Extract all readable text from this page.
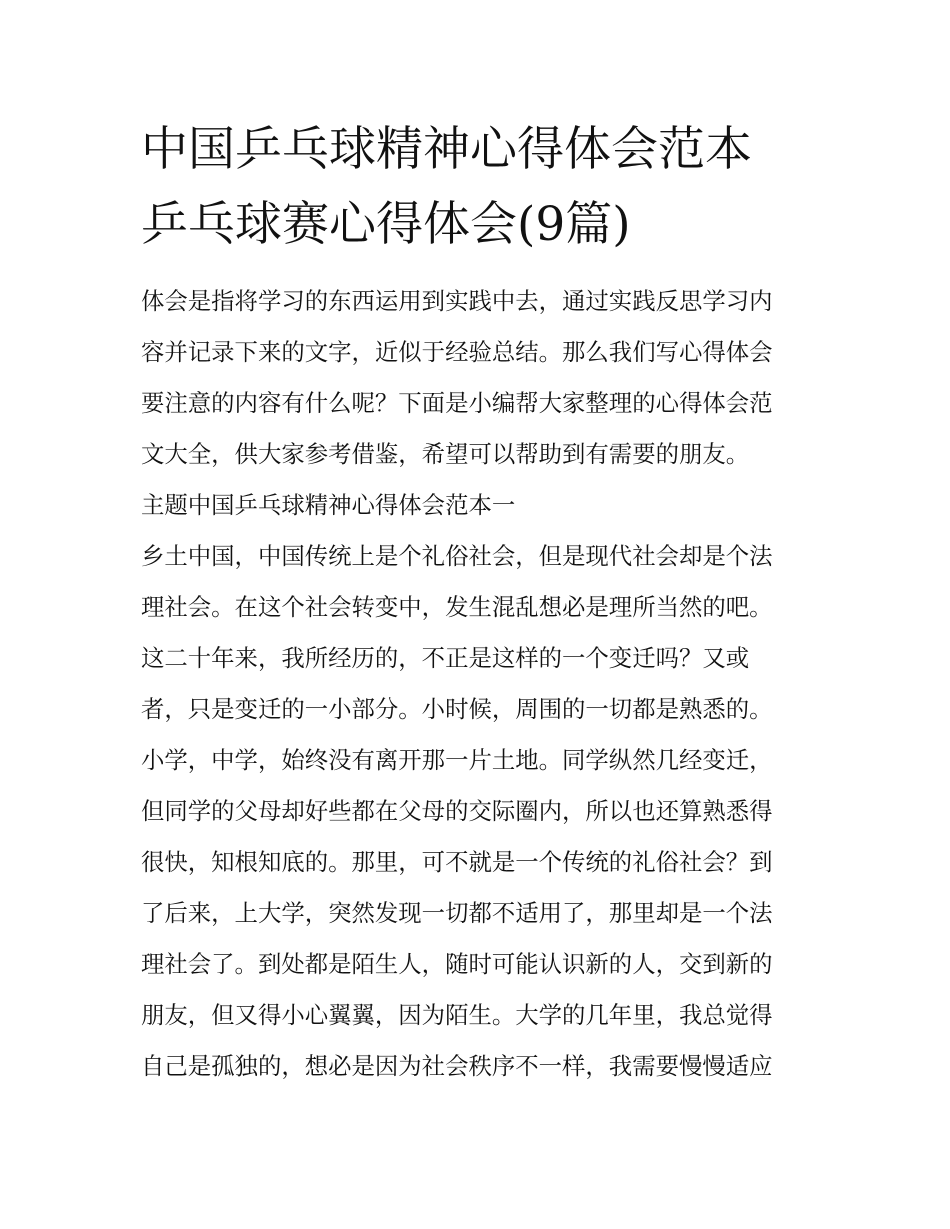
中国乒乓球精神心得体会范本
乒乓球赛心得体会(9篇)
体会是指将学习的东西运用到实践中去，通过实践反思学习内
容并记录下来的文字，近似于经验总结。那么我们写心得体会
要注意的内容有什么呢？下面是小编帮大家整理的心得体会范
文大全，供大家参考借鉴，希望可以帮助到有需要的朋友。
主题中国乒乓球精神心得体会范本一
乡土中国，中国传统上是个礼俗社会，但是现代社会却是个法
理社会。在这个社会转变中，发生混乱想必是理所当然的吧。
这二十年来，我所经历的，不正是这样的一个变迁吗？又或
者，只是变迁的一小部分。小时候，周围的一切都是熟悉的。
小学，中学，始终没有离开那一片土地。同学纵然几经变迁，
但同学的父母却好些都在父母的交际圈内，所以也还算熟悉得
很快，知根知底的。那里，可不就是一个传统的礼俗社会？到
了后来，上大学，突然发现一切都不适用了，那里却是一个法
理社会了。到处都是陌生人，随时可能认识新的人，交到新的
朋友，但又得小心翼翼，因为陌生。大学的几年里，我总觉得
自己是孤独的，想必是因为社会秩序不一样，我需要慢慢适应
